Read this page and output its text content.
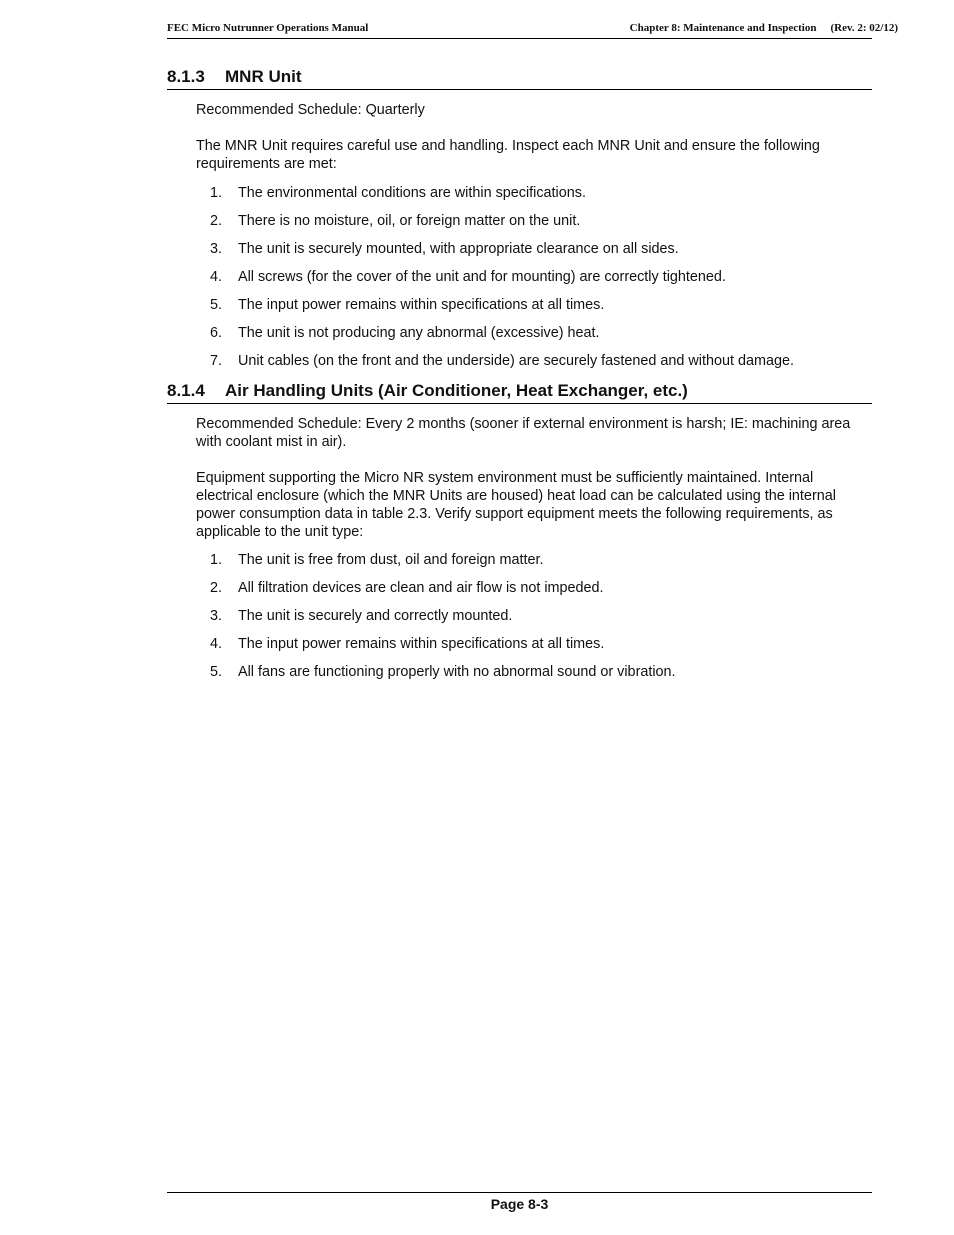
FEC Micro Nutrunner Operations Manual	Chapter 8: Maintenance and Inspection (Rev. 2: 02/12)
8.1.3 MNR Unit

Recommended Schedule: Quarterly

The MNR Unit requires careful use and handling. Inspect each MNR Unit and ensure the following requirements are met:

1.	The environmental conditions are within specifications.
2.	There is no moisture, oil, or foreign matter on the unit.
3.	The unit is securely mounted, with appropriate clearance on all sides.
4.	All screws (for the cover of the unit and for mounting) are correctly tightened.
5.	The input power remains within specifications at all times.
6.	The unit is not producing any abnormal (excessive) heat.
7.	Unit cables (on the front and the underside) are securely fastened and without damage.
8.1.4 Air Handling Units (Air Conditioner, Heat Exchanger, etc.)

Recommended Schedule: Every 2 months (sooner if external environment is harsh; IE: machining area with coolant mist in air).

Equipment supporting the Micro NR system environment must be sufficiently maintained. Internal electrical enclosure (which the MNR Units are housed) heat load can be calculated using the internal power consumption data in table 2.3. Verify support equipment meets the following requirements, as applicable to the unit type:

1.	The unit is free from dust, oil and foreign matter.
2.	All filtration devices are clean and air flow is not impeded.
3.	The unit is securely and correctly mounted.
4.	The input power remains within specifications at all times.
5.	All fans are functioning properly with no abnormal sound or vibration.
Page 8-3
